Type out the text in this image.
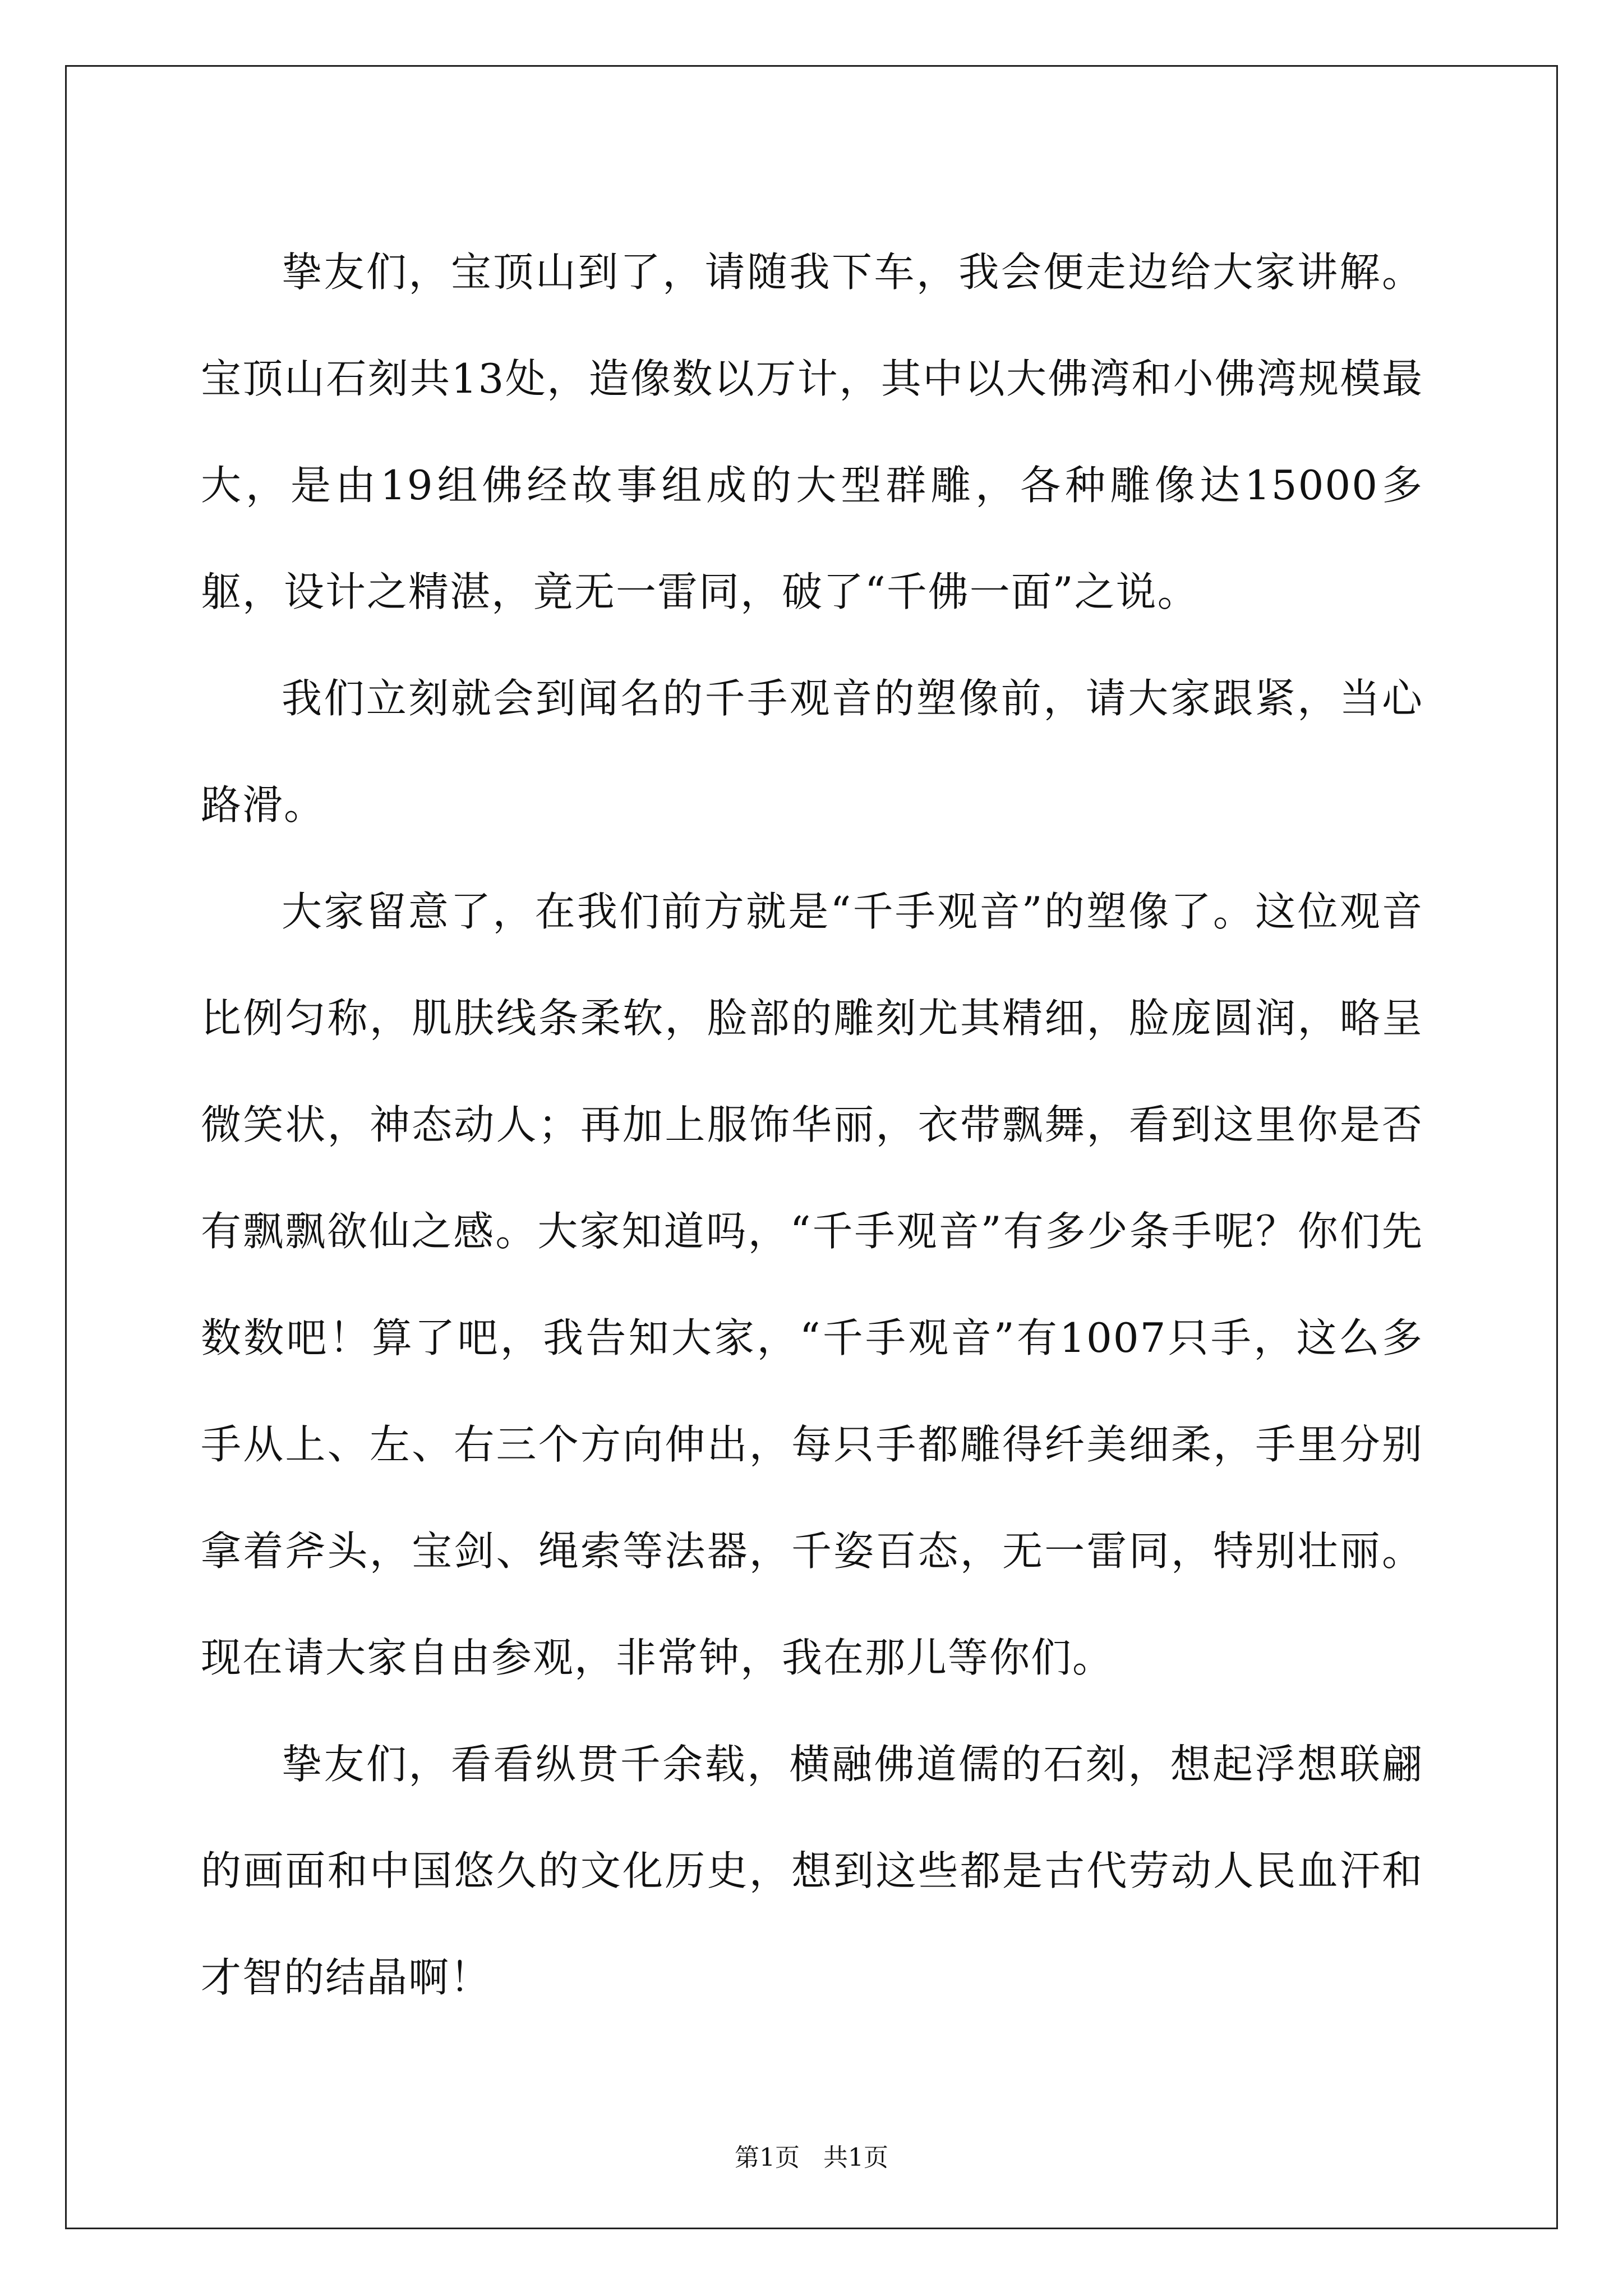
挚友们，宝顶山到了，请随我下车，我会便走边给大家讲解。宝顶山石刻共13处，造像数以万计，其中以大佛湾和小佛湾规模最大，是由19组佛经故事组成的大型群雕，各种雕像达15000多躯，设计之精湛，竟无一雷同，破了“千佛一面”之说。

我们立刻就会到闻名的千手观音的塑像前，请大家跟紧，当心路滑。

大家留意了，在我们前方就是“千手观音”的塑像了。这位观音比例匀称，肌肤线条柔软，脸部的雕刻尤其精细，脸庞圆润，略呈微笑状，神态动人；再加上服饰华丽，衣带飘舞，看到这里你是否有飘飘欲仙之感。大家知道吗，“千手观音”有多少条手呢？你们先数数吧！算了吧，我告知大家，“千手观音”有1007只手，这么多手从上、左、右三个方向伸出，每只手都雕得纤美细柔，手里分别拿着斧头，宝剑、绳索等法器，千姿百态，无一雷同，特别壮丽。现在请大家自由参观，非常钟，我在那儿等你们。

挚友们，看看纵贯千余载，横融佛道儒的石刻，想起浮想联翩的画面和中国悠久的文化历史，想到这些都是古代劳动人民血汗和才智的结晶啊！

第1页 共1页
